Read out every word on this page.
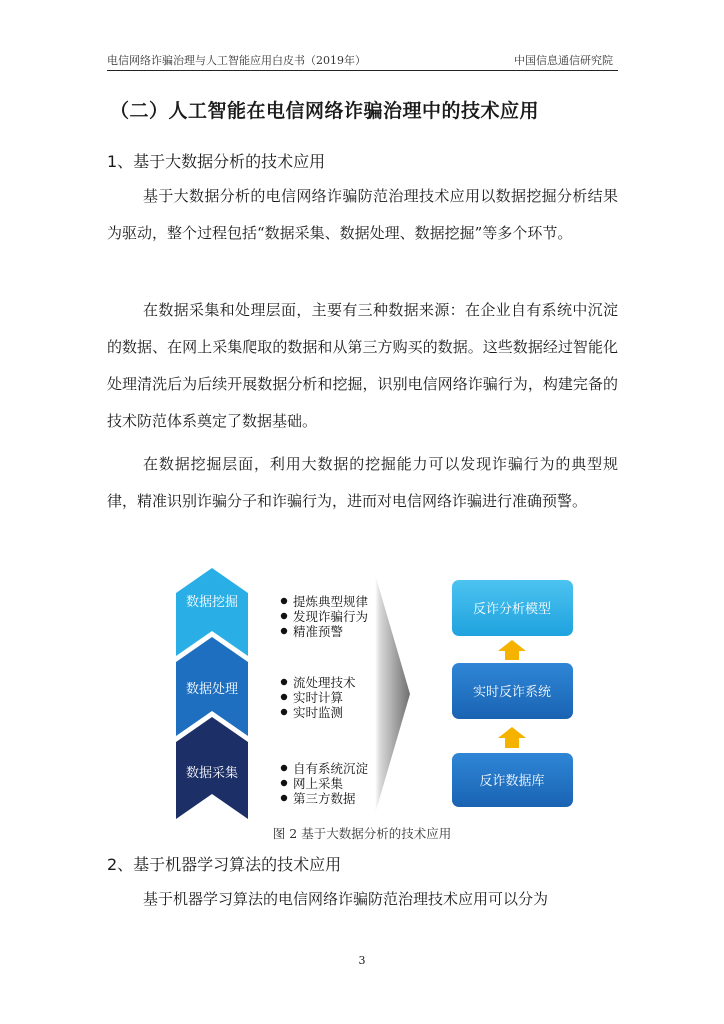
电信网络诈骗治理与人工智能应用白皮书（2019年）	中国信息通信研究院
（二）人工智能在电信网络诈骗治理中的技术应用
1、基于大数据分析的技术应用
基于大数据分析的电信网络诈骗防范治理技术应用以数据挖掘分析结果为驱动，整个过程包括“数据采集、数据处理、数据挖掘”等多个环节。
在数据采集和处理层面，主要有三种数据来源：在企业自有系统中沉淀的数据、在网上采集爬取的数据和从第三方购买的数据。这些数据经过智能化处理清洗后为后续开展数据分析和挖掘，识别电信网络诈骗行为，构建完备的技术防范体系奠定了数据基础。
在数据挖掘层面，利用大数据的挖掘能力可以发现诈骗行为的典型规律，精准识别诈骗分子和诈骗行为，进而对电信网络诈骗进行准确预警。
数据挖掘
数据处理
数据采集
提炼典型规律
发现诈骗行为
精准预警
流处理技术
实时计算
实时监测
自有系统沉淀
网上采集
第三方数据
反诈分析模型
实时反诈系统
反诈数据库
图 2 基于大数据分析的技术应用
2、基于机器学习算法的技术应用
基于机器学习算法的电信网络诈骗防范治理技术应用可以分为
3
